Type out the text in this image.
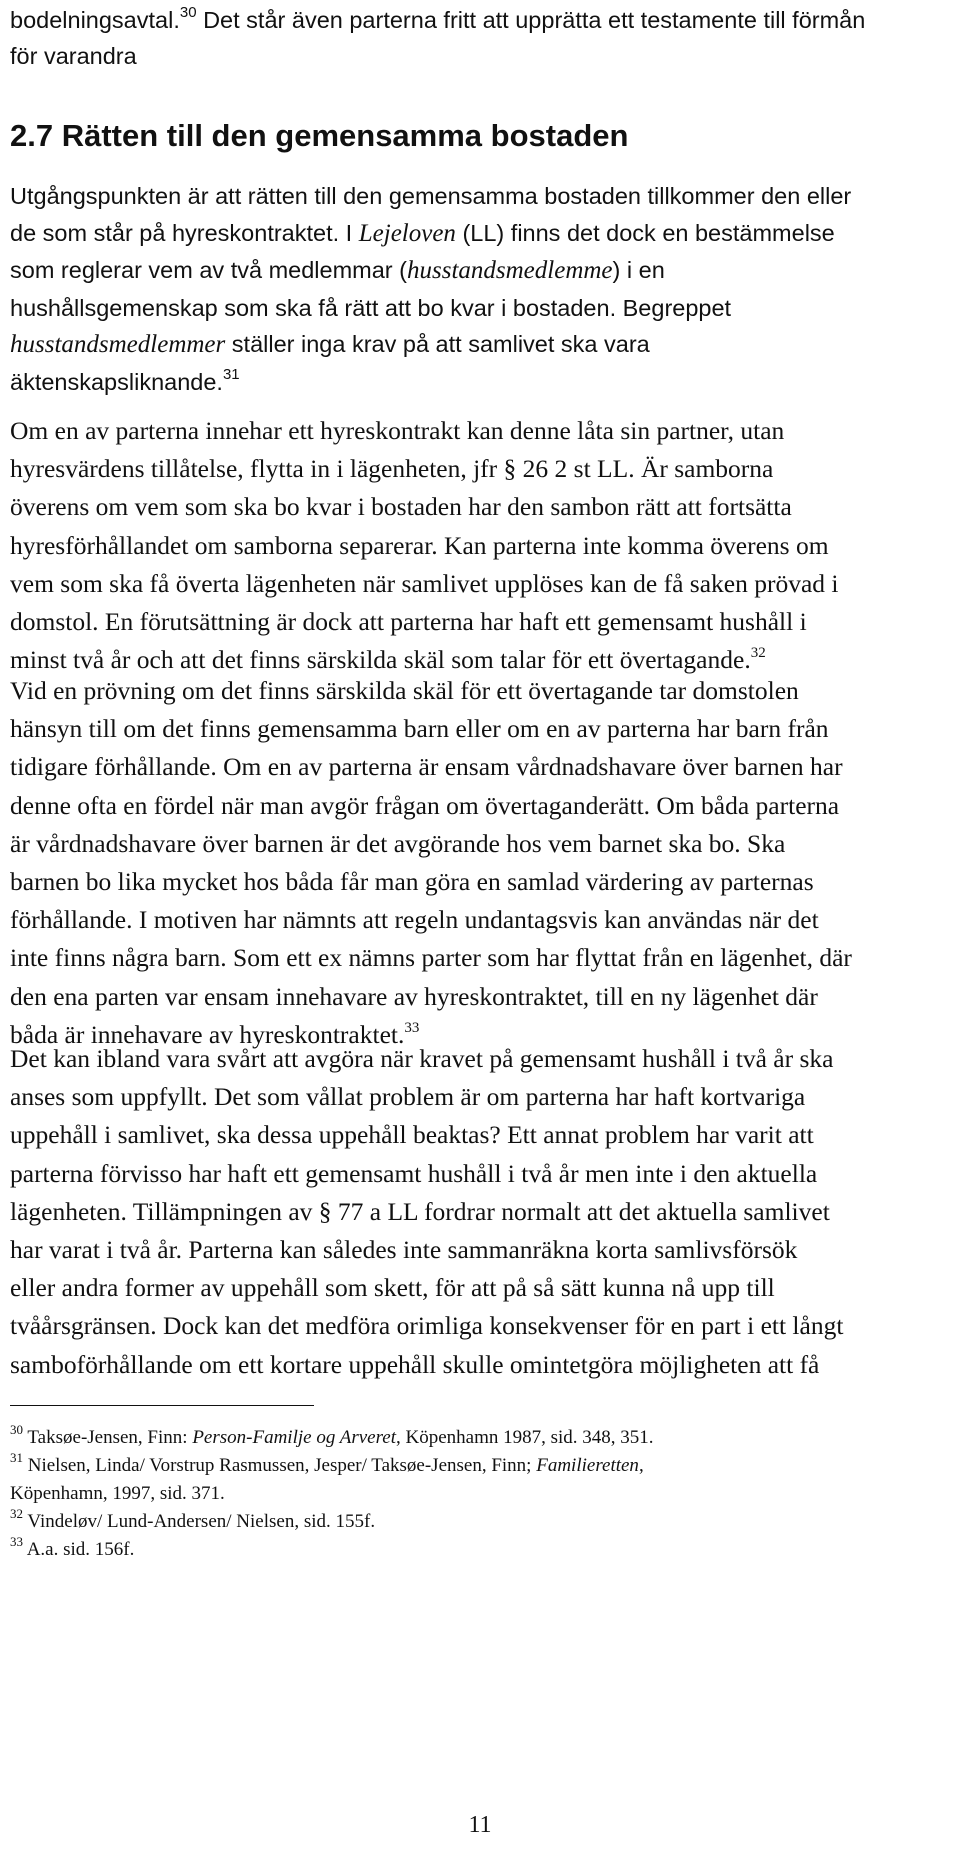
bodelningsavtal.$^{30}$ Det står även parterna fritt att upprätta ett testamente till förmån
för varandra
2.7 Rätten till den gemensamma bostaden
Utgångspunkten är att rätten till den gemensamma bostaden tillkommer den eller
de som står på hyreskontraktet. I Lejeloven (LL) finns det dock en bestämmelse
som reglerar vem av två medlemmar (husstandsmedlemme) i en
hushållsgemenskap som ska få rätt att bo kvar i bostaden. Begreppet
husstandsmedlemmer ställer inga krav på att samlivet ska vara
äktenskapsliknande.$^{31}$
Om en av parterna innehar ett hyreskontrakt kan denne låta sin partner, utan
hyresvärdens tillåtelse, flytta in i lägenheten, jfr § 26 2 st LL. Är samborna
överens om vem som ska bo kvar i bostaden har den sambon rätt att fortsätta
hyresförhållandet om samborna separerar. Kan parterna inte komma överens om
vem som ska få överta lägenheten när samlivet upplöses kan de få saken prövad i
domstol. En förutsättning är dock att parterna har haft ett gemensamt hushåll i
minst två år och att det finns särskilda skäl som talar för ett övertagande.$^{32}$
Vid en prövning om det finns särskilda skäl för ett övertagande tar domstolen
hänsyn till om det finns gemensamma barn eller om en av parterna har barn från
tidigare förhållande. Om en av parterna är ensam vårdnadshavare över barnen har
denne ofta en fördel när man avgör frågan om övertaganderätt. Om båda parterna
är vårdnadshavare över barnen är det avgörande hos vem barnet ska bo. Ska
barnen bo lika mycket hos båda får man göra en samlad värdering av parternas
förhållande. I motiven har nämnts att regeln undantagsvis kan användas när det
inte finns några barn. Som ett ex nämns parter som har flyttat från en lägenhet, där
den ena parten var ensam innehavare av hyreskontraktet, till en ny lägenhet där
båda är innehavare av hyreskontraktet.$^{33}$
Det kan ibland vara svårt att avgöra när kravet på gemensamt hushåll i två år ska
anses som uppfyllt. Det som vållat problem är om parterna har haft kortvariga
uppehåll i samlivet, ska dessa uppehåll beaktas? Ett annat problem har varit att
parterna förvisso har haft ett gemensamt hushåll i två år men inte i den aktuella
lägenheten. Tillämpningen av § 77 a LL fordrar normalt att det aktuella samlivet
har varat i två år. Parterna kan således inte sammanräkna korta samlivsförsök
eller andra former av uppehåll som skett, för att på så sätt kunna nå upp till
tvåårsgränsen. Dock kan det medföra orimliga konsekvenser för en part i ett långt
samboförhållande om ett kortare uppehåll skulle omintetgöra möjligheten att få
$^{30}$ Taksøe-Jensen, Finn: Person-Familje og Arveret, Köpenhamn 1987, sid. 348, 351.
$^{31}$ Nielsen, Linda/ Vorstrup Rasmussen, Jesper/ Taksøe-Jensen, Finn; Familieretten,
Köpenhamn, 1997, sid. 371.
$^{32}$ Vindeløv/ Lund-Andersen/ Nielsen, sid. 155f.
$^{33}$ A.a. sid. 156f.
11
